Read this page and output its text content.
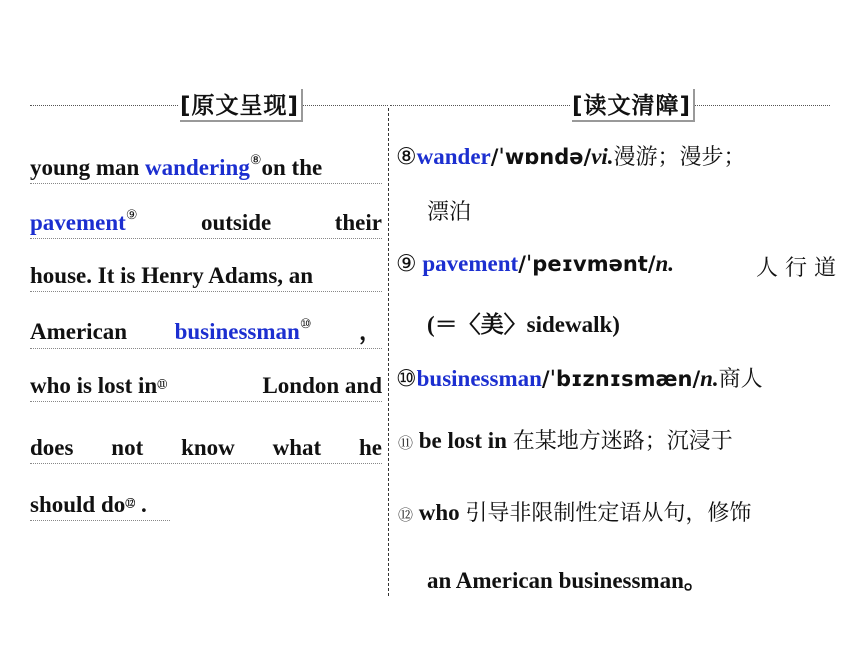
[原文呈现]	[读文清障]
young man wandering⑧on the
pavement⑨	outside	their
house. It is Henry Adams, an
American businessman⑩ ，
who is lost in⑪	London and
does not know what he
should do⑫ .
⑧wander/ˈwɒndə/vi.漫游；漫步；
漂泊
⑨ pavement/ˈpeɪvmənt/n.	人 行 道
(＝〈美〉sidewalk)
⑩businessman/ˈbɪznɪsmæn/n.商人
⑪ be lost in 在某地方迷路；沉浸于
⑫ who 引导非限制性定语从句，修饰
an American businessman。
